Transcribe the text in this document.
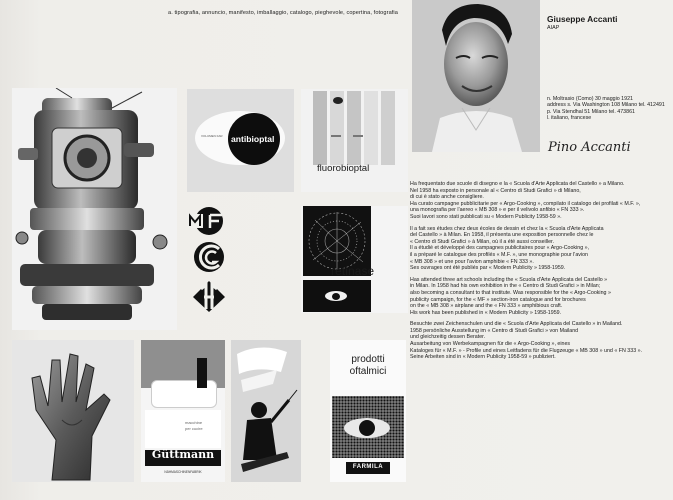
a. tipografia, annuncio, manifesto, imballaggio, catalogo, pieghevole, copertina, fotografia
VOLUMEN FAR antibioptal
fluorobioptal
retinase
macchine
per cucire
Güttmann
NÄHMASCHINENFABRIK
prodotti
oftalmici
FARMILA
Giuseppe Accanti
AIAP
n. Moltrasio (Como) 30 maggio 1921
address s. Via Washington 108 Milano tel. 412491
p. Via Stendhal 51 Milano tel. 473861
l. italiano, francese
Pino Accanti

Ha frequentato due scuole di disegno e la « Scuola d'Arte Applicata del Castello » a Milano.

Nel 1958 ha esposto in personale al « Centro di Studi Grafici » di Milano,

di cui è stato anche consigliere.

Ha curato campagne pubblicitarie per « Argo-Cooking », compilato il catalogo dei profilati « M.F. »,

una monografia per l'aereo « MB 308 » e per il velivolo anfibio « FN 333 ».

Suoi lavori sono stati pubblicati su « Modern Publicity 1958-59 ».

Il a fait ses études chez deux écoles de dessin et chez la « Scuola d'Arte Applicata

del Castello » à Milan. En 1958, il présenta une exposition personnelle chez le

« Centro di Studi Grafici » à Milan, où il a été aussi conseiller.

Il a étudié et développé des campagnes publicitaires pour « Argo-Cooking »,

il a préparé le catalogue des profilés « M.F. », une monographie pour l'avion

« MB 308 » et une pour l'avion amphibie « FN 333 ».

Ses ouvrages ont été publiés par « Modern Publicity » 1958-1959.

Has attended three art schools including the « Scuola d'Arte Applicata del Castello »

in Milan. In 1958 had his own exhibition in the « Centro di Studi Grafici » in Milan;

also becoming a consultant to that institute. Was responsible for the « Argo-Cooking »

publicity campaign, for the « MF » section-iron catalogue and for brochures

on the « MB 308 » airplane and the « FN 333 » amphibious craft.

His work has been published in « Modern Publicity » 1958-1959.

Besuchte zwei Zeichenschulen und die « Scuola d'Arte Applicata del Castello » in Mailand.

1958 persönliche Ausstellung im « Centro di Studi Grafici » von Mailand

und gleichzeitig dessen Berater.

Ausarbeitung von Werbekampagnen für die « Argo-Cooking », eines

Kataloges für « M.F. » - Profile und eines Leitfadens für die Flugzeuge « MB 308 » und « FN 333 ».

Seine Arbeiten sind in « Modern Publicity 1958-59 » publiziert.
